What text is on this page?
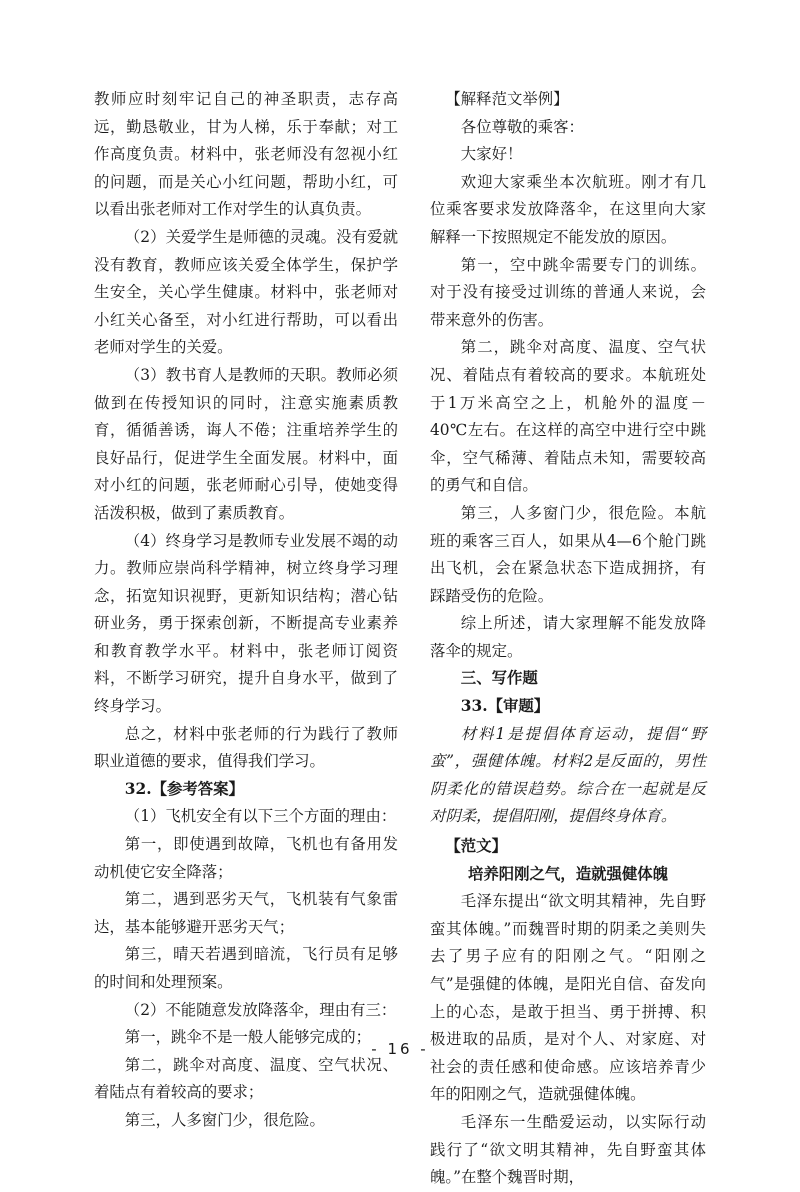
教师应时刻牢记自己的神圣职责，志存高远，勤恳敬业，甘为人梯，乐于奉献；对工作高度负责。材料中，张老师没有忽视小红的问题，而是关心小红问题，帮助小红，可以看出张老师对工作对学生的认真负责。

（2）关爱学生是师德的灵魂。没有爱就没有教育，教师应该关爱全体学生，保护学生安全，关心学生健康。材料中，张老师对小红关心备至，对小红进行帮助，可以看出老师对学生的关爱。

（3）教书育人是教师的天职。教师必须做到在传授知识的同时，注意实施素质教育，循循善诱，诲人不倦；注重培养学生的良好品行，促进学生全面发展。材料中，面对小红的问题，张老师耐心引导，使她变得活泼积极，做到了素质教育。

（4）终身学习是教师专业发展不竭的动力。教师应崇尚科学精神，树立终身学习理念，拓宽知识视野，更新知识结构；潜心钻研业务，勇于探索创新，不断提高专业素养和教育教学水平。材料中，张老师订阅资料，不断学习研究，提升自身水平，做到了终身学习。

总之，材料中张老师的行为践行了教师职业道德的要求，值得我们学习。

32.【参考答案】

（1）飞机安全有以下三个方面的理由：

第一，即使遇到故障，飞机也有备用发动机使它安全降落；

第二，遇到恶劣天气，飞机装有气象雷达，基本能够避开恶劣天气；

第三，晴天若遇到暗流，飞行员有足够的时间和处理预案。

（2）不能随意发放降落伞，理由有三：

第一，跳伞不是一般人能够完成的；

第二，跳伞对高度、温度、空气状况、着陆点有着较高的要求；

第三，人多窗门少，很危险。

【解释范文举例】

各位尊敬的乘客：

大家好！

欢迎大家乘坐本次航班。刚才有几位乘客要求发放降落伞，在这里向大家解释一下按照规定不能发放的原因。

第一，空中跳伞需要专门的训练。对于没有接受过训练的普通人来说，会带来意外的伤害。

第二，跳伞对高度、温度、空气状况、着陆点有着较高的要求。本航班处于1万米高空之上，机舱外的温度－40℃左右。在这样的高空中进行空中跳伞，空气稀薄、着陆点未知，需要较高的勇气和自信。

第三，人多窗门少，很危险。本航班的乘客三百人，如果从4—6个舱门跳出飞机，会在紧急状态下造成拥挤，有踩踏受伤的危险。

综上所述，请大家理解不能发放降落伞的规定。

三、写作题

33.【审题】

材料1是提倡体育运动，提倡“野蛮”，强健体魄。材料2是反面的，男性阴柔化的错误趋势。综合在一起就是反对阴柔，提倡阳刚，提倡终身体育。

【范文】

培养阳刚之气，造就强健体魄

毛泽东提出“欲文明其精神，先自野蛮其体魄。”而魏晋时期的阴柔之美则失去了男子应有的阳刚之气。“阳刚之气”是强健的体魄，是阳光自信、奋发向上的心态，是敢于担当、勇于拼搏、积极进取的品质，是对个人、对家庭、对社会的责任感和使命感。应该培养青少年的阳刚之气，造就强健体魄。

毛泽东一生酷爱运动，以实际行动践行了“欲文明其精神，先自野蛮其体魄。”在整个魏晋时期，

- 16 -
